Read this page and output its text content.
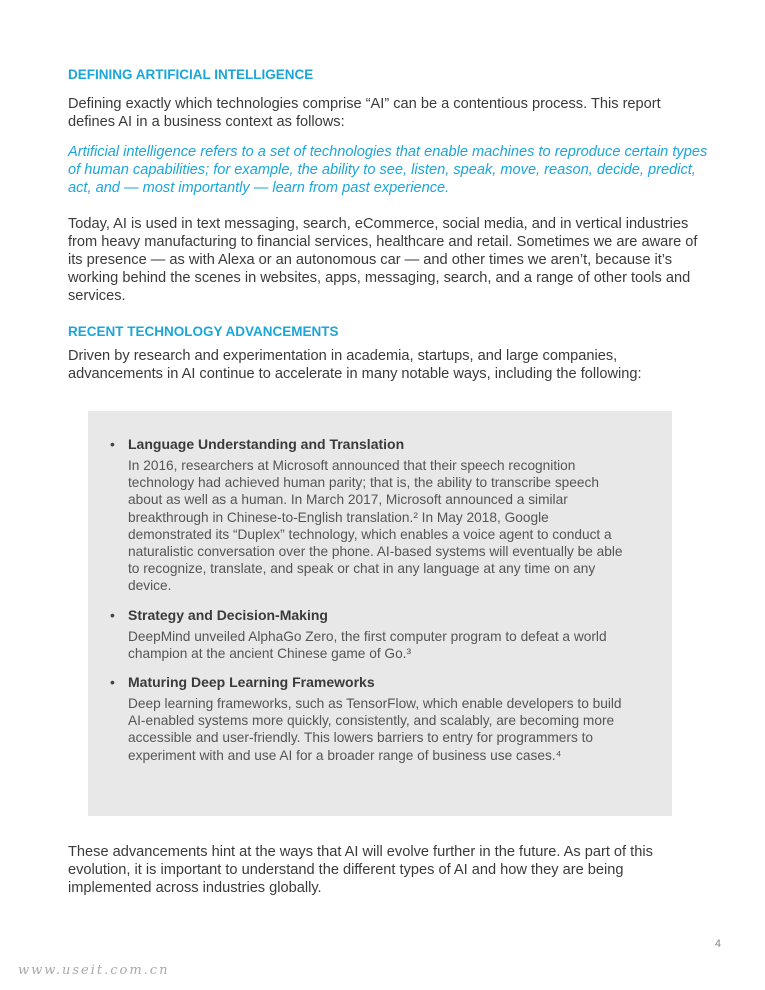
DEFINING ARTIFICIAL INTELLIGENCE

Defining exactly which technologies comprise “AI” can be a contentious process. This report defines AI in a business context as follows:

Artificial intelligence refers to a set of technologies that enable machines to reproduce certain types of human capabilities; for example, the ability to see, listen, speak, move, reason, decide, predict, act, and — most importantly — learn from past experience.

Today, AI is used in text messaging, search, eCommerce, social media, and in vertical industries from heavy manufacturing to financial services, healthcare and retail. Sometimes we are aware of its presence — as with Alexa or an autonomous car — and other times we aren’t, because it’s working behind the scenes in websites, apps, messaging, search, and a range of other tools and services.

RECENT TECHNOLOGY ADVANCEMENTS

Driven by research and experimentation in academia, startups, and large companies, advancements in AI continue to accelerate in many notable ways, including the following:

• Language Understanding and Translation

In 2016, researchers at Microsoft announced that their speech recognition technology had achieved human parity; that is, the ability to transcribe speech about as well as a human. In March 2017, Microsoft announced a similar breakthrough in Chinese-to-English translation.² In May 2018, Google demonstrated its “Duplex” technology, which enables a voice agent to conduct a naturalistic conversation over the phone. AI-based systems will eventually be able to recognize, translate, and speak or chat in any language at any time on any device.

• Strategy and Decision-Making

DeepMind unveiled AlphaGo Zero, the first computer program to defeat a world champion at the ancient Chinese game of Go.³

• Maturing Deep Learning Frameworks

Deep learning frameworks, such as TensorFlow, which enable developers to build AI-enabled systems more quickly, consistently, and scalably, are becoming more accessible and user-friendly. This lowers barriers to entry for programmers to experiment with and use AI for a broader range of business use cases.⁴

These advancements hint at the ways that AI will evolve further in the future. As part of this evolution, it is important to understand the different types of AI and how they are being implemented across industries globally.

4
www.useit.com.cn
